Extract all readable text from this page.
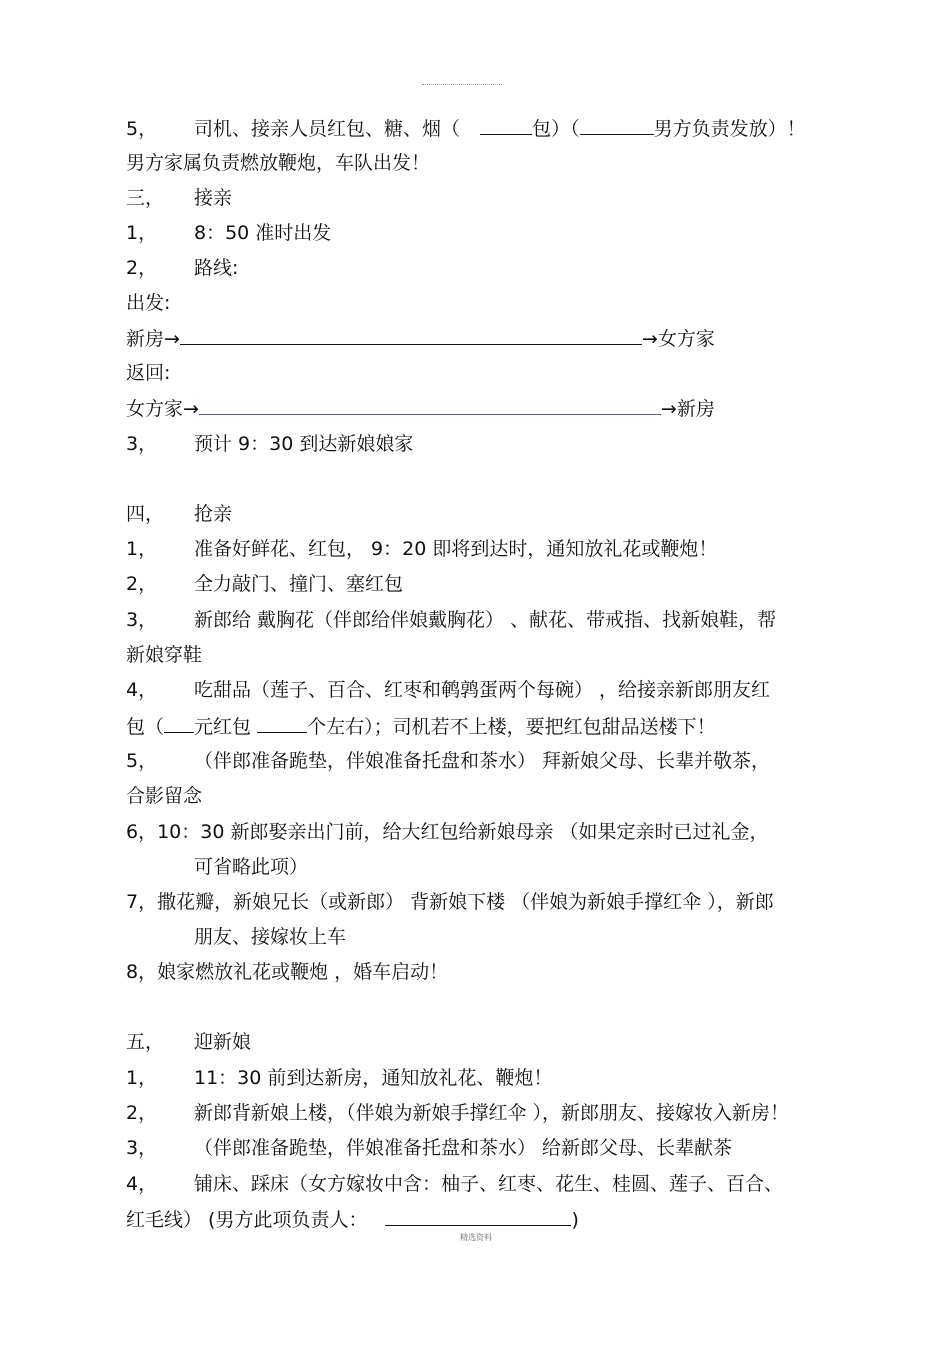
5， 司机、接亲人员红包、糖、烟（	包）（	男方负责发放）！
男方家属负责燃放鞭炮，车队出发！
三， 接亲
1， 8：50 准时出发
2， 路线:
出发:
新房→	→女方家
返回:
女方家→	→新房
3， 预计 9：30 到达新娘娘家
四， 抢亲
1， 准备好鲜花、红包， 9：20 即将到达时，通知放礼花或鞭炮！
2， 全力敲门、撞门、塞红包
3， 新郎给 戴胸花（伴郎给伴娘戴胸花） 、献花、带戒指、找新娘鞋，帮
新娘穿鞋
4， 吃甜品（莲子、百合、红枣和鹌鹑蛋两个每碗） ，给接亲新郎朋友红
包（ 元红包	个左右）；司机若不上楼，要把红包甜品送楼下！
5， （伴郎准备跪垫，伴娘准备托盘和茶水） 拜新娘父母、长辈并敬茶，
合影留念
6，10：30 新郎娶亲出门前，给大红包给新娘母亲 （如果定亲时已过礼金，
可省略此项）
7，撒花瓣，新娘兄长（或新郎） 背新娘下楼 （伴娘为新娘手撑红伞 ），新郎
朋友、接嫁妆上车
8，娘家燃放礼花或鞭炮 ，婚车启动！
五， 迎新娘
1， 11：30 前到达新房，通知放礼花、鞭炮！
2， 新郎背新娘上楼，（伴娘为新娘手撑红伞 ），新郎朋友、接嫁妆入新房！
3， （伴郎准备跪垫，伴娘准备托盘和茶水） 给新郎父母、长辈献茶
4， 铺床、踩床（女方嫁妆中含：柚子、红枣、花生、桂圆、莲子、百合、
红毛线） (男方此项负责人：	)
精选资料
